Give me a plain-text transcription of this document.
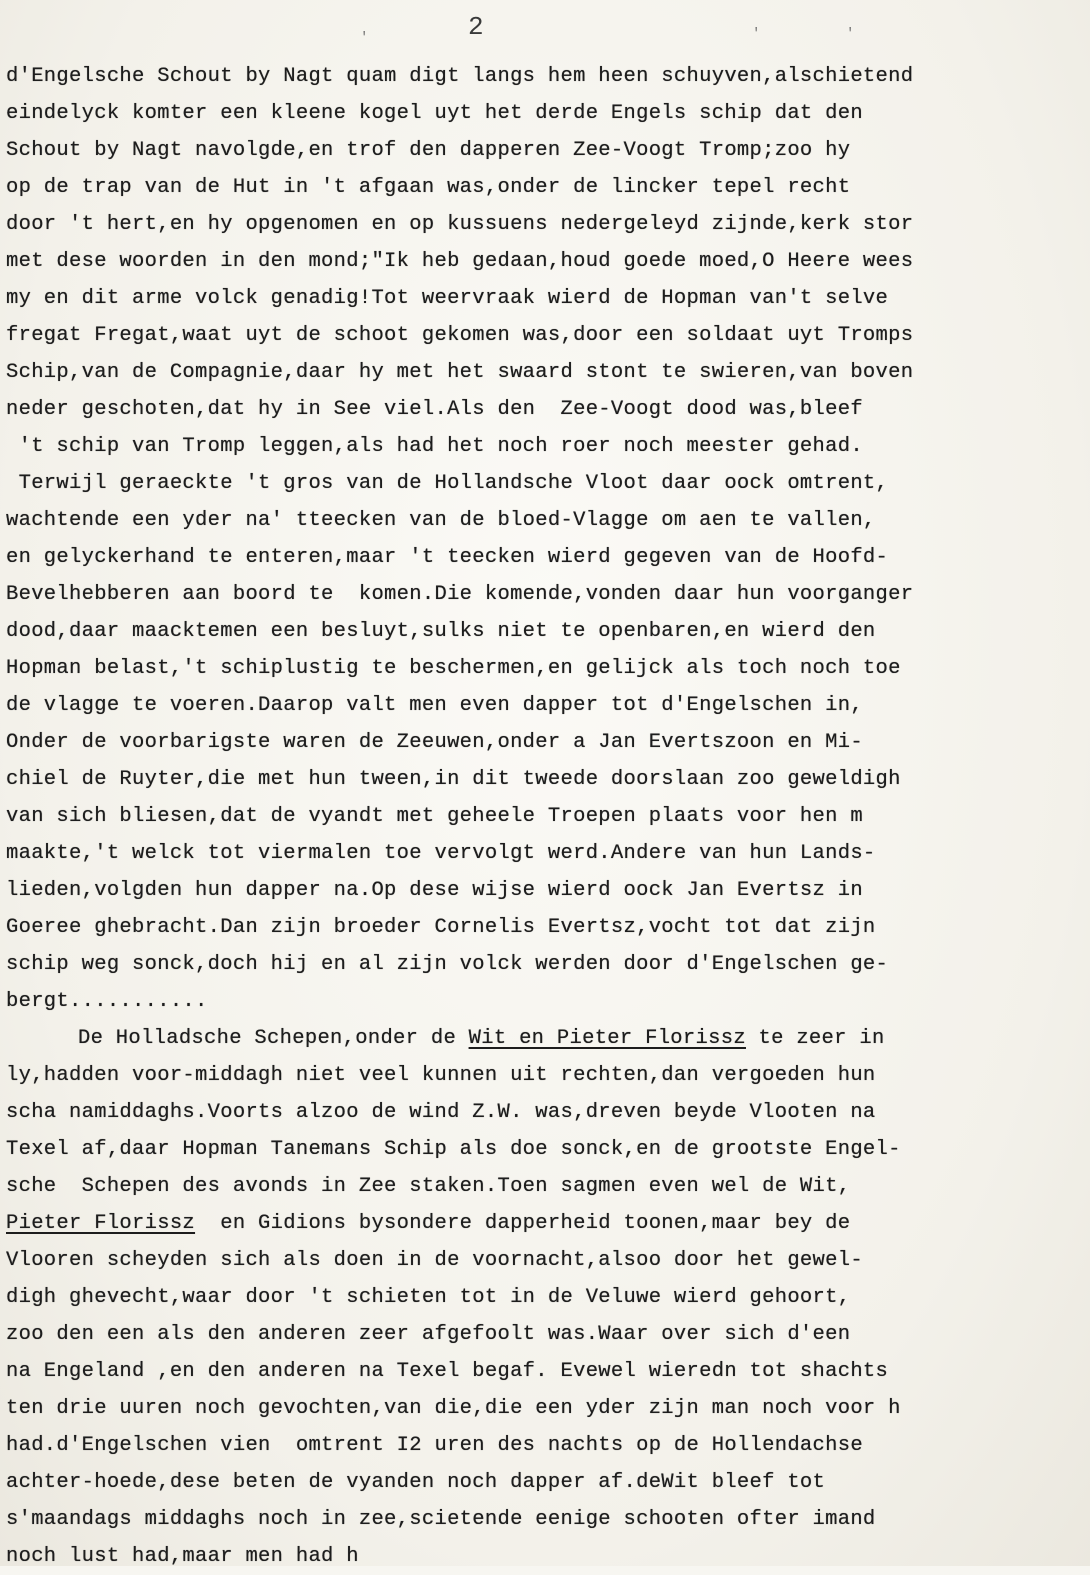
2
'	'	'
d'Engelsche Schout by Nagt quam digt langs hem heen schuyven,alschietend
eindelyck komter een kleene kogel uyt het derde Engels schip dat den
Schout by Nagt navolgde,en trof den dapperen Zee-Voogt Tromp;zoo hy
op de trap van de Hut in 't afgaan was,onder de lincker tepel recht
door 't hert,en hy opgenomen en op kussuens nedergeleyd zijnde,kerk stor
met dese woorden in den mond;"Ik heb gedaan,houd goede moed,O Heere wees
my en dit arme volck genadig!Tot weervraak wierd de Hopman van't selve
fregat Fregat,waat uyt de schoot gekomen was,door een soldaat uyt Tromps
Schip,van de Compagnie,daar hy met het swaard stont te swieren,van boven
neder geschoten,dat hy in See viel.Als den  Zee-Voogt dood was,bleef
't schip van Tromp leggen,als had het noch roer noch meester gehad.
Terwijl geraeckte 't gros van de Hollandsche Vloot daar oock omtrent,
wachtende een yder na' tteecken van de bloed-Vlagge om aen te vallen,
en gelyckerhand te enteren,maar 't teecken wierd gegeven van de Hoofd-
Bevelhebberen aan boord te  komen.Die komende,vonden daar hun voorganger
dood,daar maacktemen een besluyt,sulks niet te openbaren,en wierd den
Hopman belast,'t schiplustig te beschermen,en gelijck als toch noch toe
de vlagge te voeren.Daarop valt men even dapper tot d'Engelschen in,
Onder de voorbarigste waren de Zeeuwen,onder a Jan Evertszoon en Mi-
chiel de Ruyter,die met hun tween,in dit tweede doorslaan zoo geweldigh
van sich bliesen,dat de vyandt met geheele Troepen plaats voor hen m
maakte,'t welck tot viermalen toe vervolgt werd.Andere van hun Lands-
lieden,volgden hun dapper na.Op dese wijse wierd oock Jan Evertsz in
Goeree ghebracht.Dan zijn broeder Cornelis Evertsz,vocht tot dat zijn
schip weg sonck,doch hij en al zijn volck werden door d'Engelschen ge-
bergt...........
De Holladsche Schepen,onder de Wit en Pieter Florissz te zeer in
ly,hadden voor-middagh niet veel kunnen uit rechten,dan vergoeden hun
scha namiddaghs.Voorts alzoo de wind Z.W. was,dreven beyde Vlooten na
Texel af,daar Hopman Tanemans Schip als doe sonck,en de grootste Engel-
sche  Schepen des avonds in Zee staken.Toen sagmen even wel de Wit,
Pieter Florissz  en Gidions bysondere dapperheid toonen,maar bey de
Vlooren scheyden sich als doen in de voornacht,alsoo door het gewel-
digh ghevecht,waar door 't schieten tot in de Veluwe wierd gehoort,
zoo den een als den anderen zeer afgefoolt was.Waar over sich d'een
na Engeland ,en den anderen na Texel begaf. Evewel wieredn tot shachts
ten drie uuren noch gevochten,van die,die een yder zijn man noch voor h
had.d'Engelschen vien  omtrent I2 uren des nachts op de Hollendachse
achter-hoede,dese beten de vyanden noch dapper af.deWit bleef tot
s'maandags middaghs noch in zee,scietende eenige schooten ofter imand
noch lust had,maar men had h
